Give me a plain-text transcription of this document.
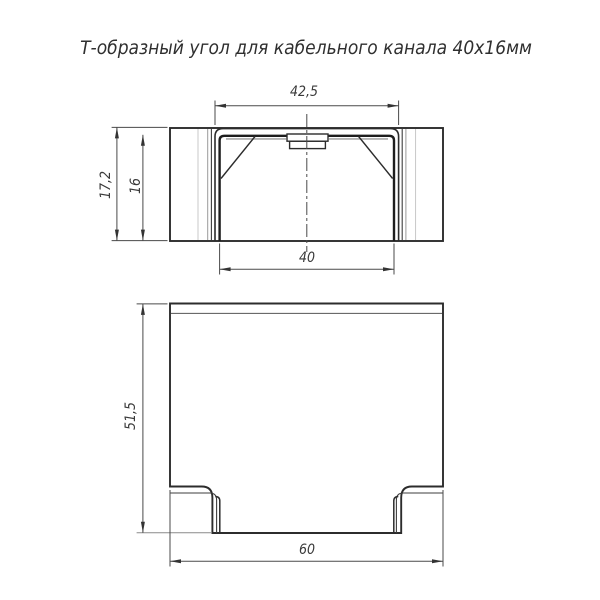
Т-образный угол для кабельного канала 40х16мм
42,5
40
17,2 16
51,5
60
